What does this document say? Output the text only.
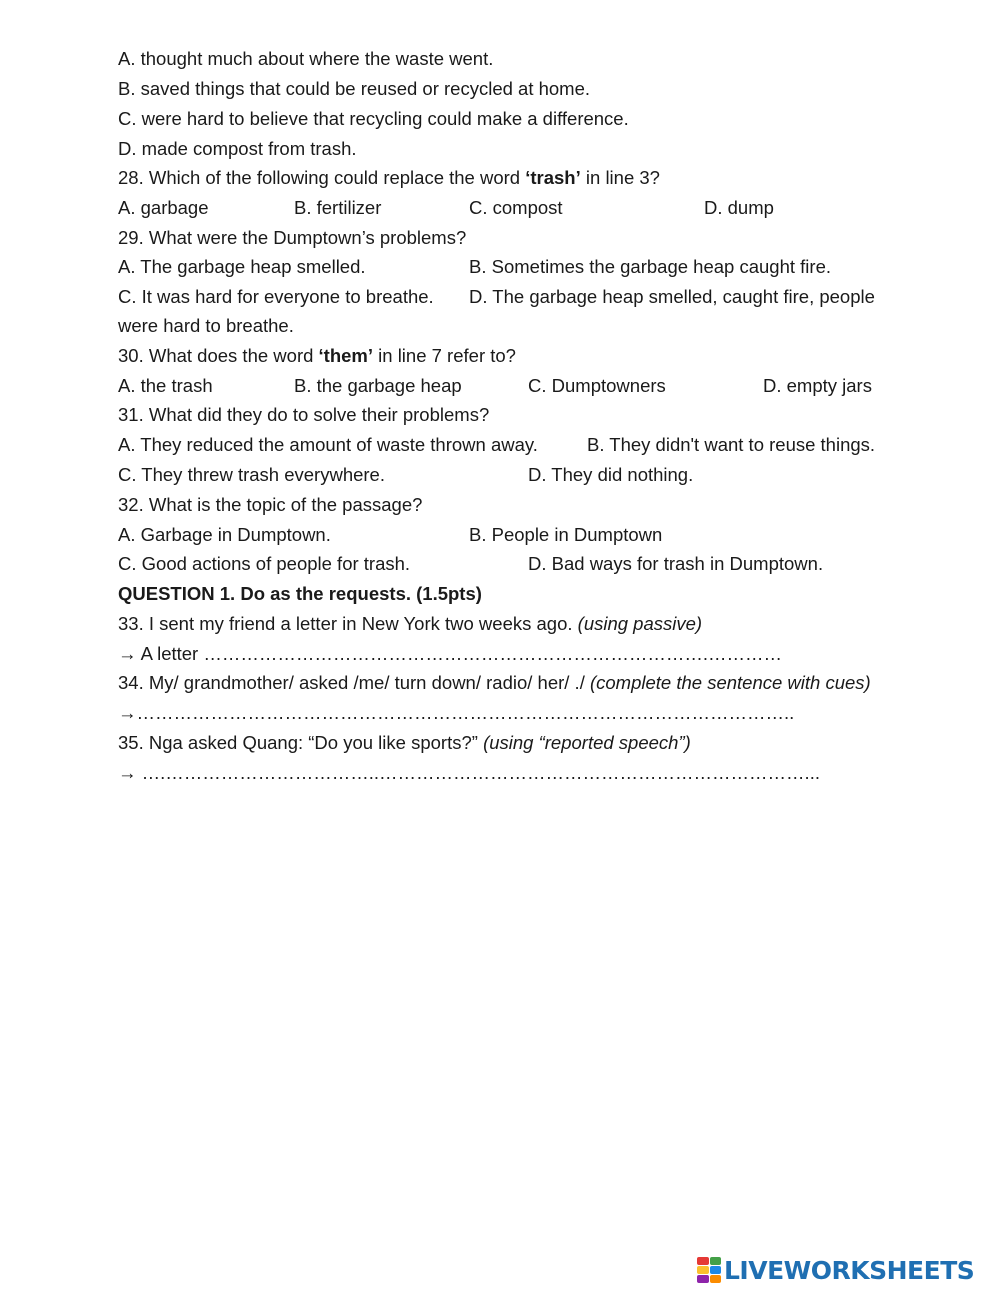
A. thought much about where the waste went.
B. saved things that could be reused or recycled at home.
C. were hard to believe that recycling could make a difference.
D. made compost from trash.
28. Which of the following could replace the word ‘trash’ in line 3?
A. garbage	B. fertilizer	C. compost	D. dump
29. What were the Dumptown’s problems?
A. The garbage heap smelled.	B. Sometimes the garbage heap caught fire.
C. It was hard for everyone to breathe. D. The garbage heap smelled, caught fire, people
were hard to breathe.
30. What does the word ‘them’ in line 7 refer to?
A. the trash	B. the garbage heap	C. Dumptowners	D. empty jars
31. What did they do to solve their problems?
A. They reduced the amount of waste thrown away.	B. They didn't want to reuse things.
C. They threw trash everywhere.	D. They did nothing.
32. What is the topic of the passage?
A. Garbage in Dumptown.	B. People in Dumptown
C. Good actions of people for trash.	D. Bad ways for trash in Dumptown.
QUESTION 1. Do as the requests. (1.5pts)
33. I sent my friend a letter in New York two weeks ago. (using passive)
→ A letter ……………………………………………………………………….…………
34. My/ grandmother/ asked /me/ turn down/ radio/ her/ ./ (complete the sentence with cues)
→……………………………………………………………………………………………..
35. Nga asked Quang: “Do you like sports?” (using “reported speech”)
→ ….……………………………..……………………………………………………………...
LIVEWORKSHEETS
